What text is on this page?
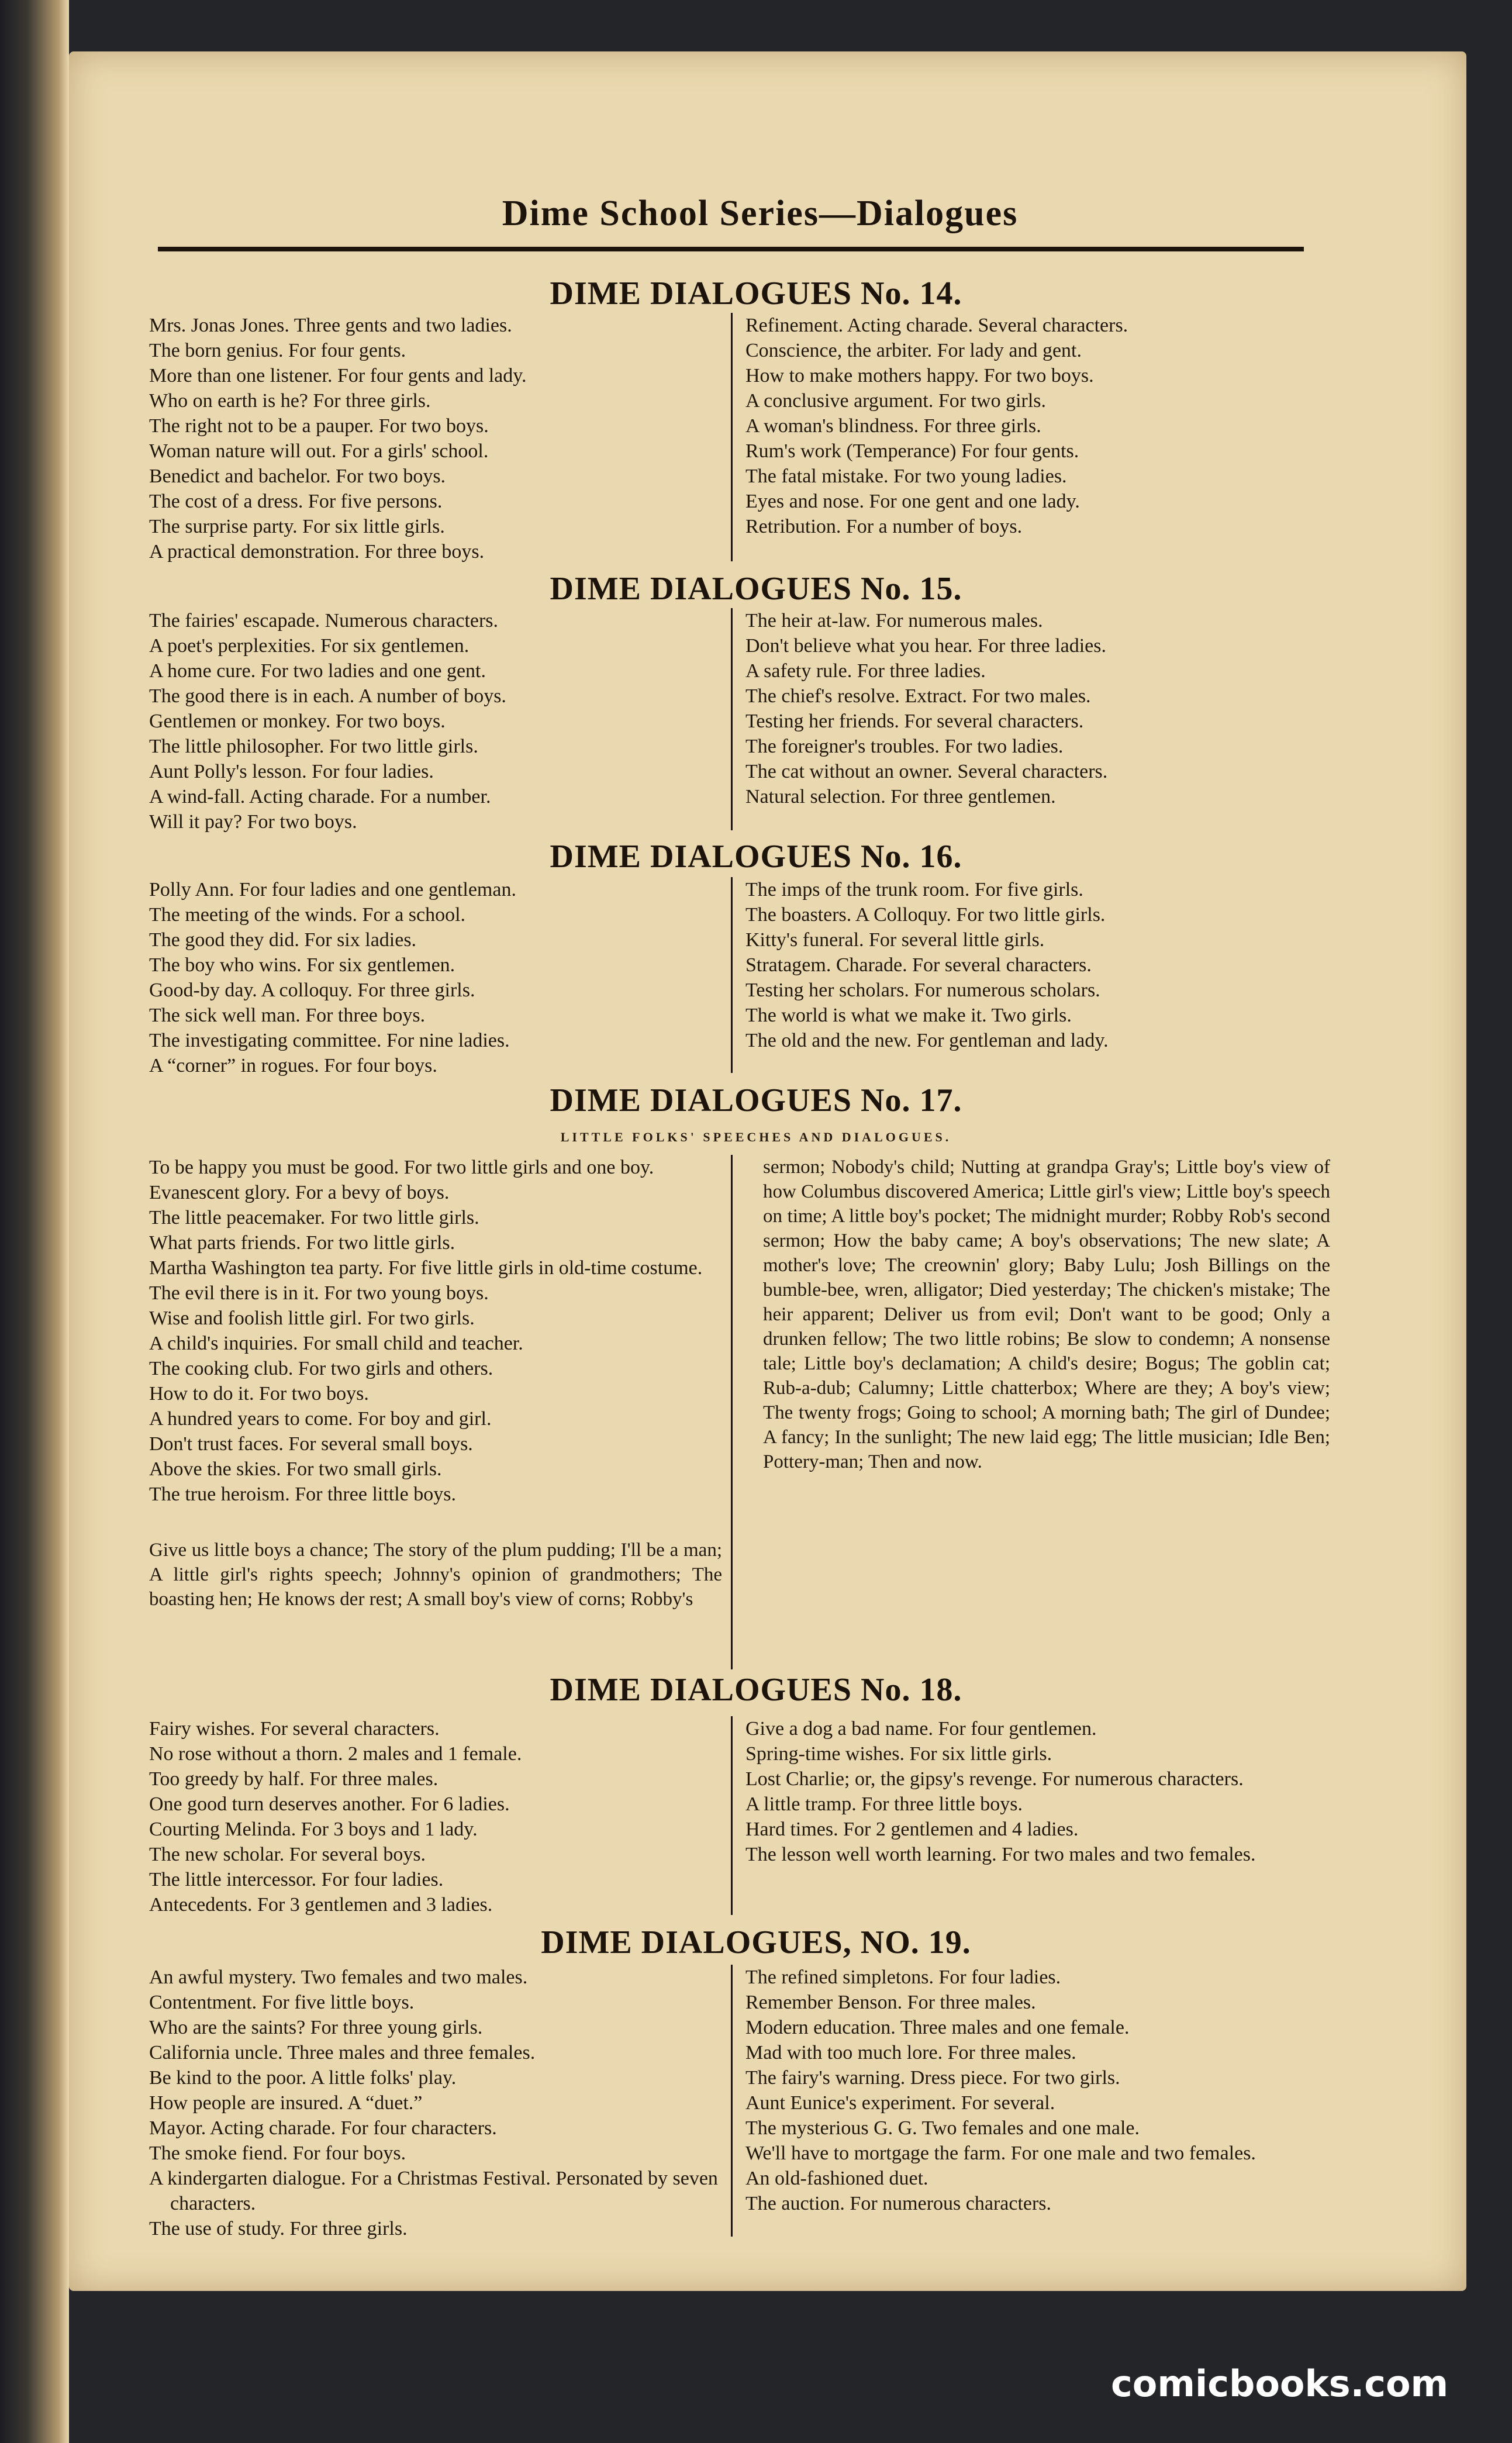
Dime School Series—Dialogues
DIME DIALOGUES No. 14.
Mrs. Jonas Jones. Three gents and two ladies.
The born genius. For four gents.
More than one listener. For four gents and lady.
Who on earth is he? For three girls.
The right not to be a pauper. For two boys.
Woman nature will out. For a girls' school.
Benedict and bachelor. For two boys.
The cost of a dress. For five persons.
The surprise party. For six little girls.
A practical demonstration. For three boys.
Refinement. Acting charade. Several characters.
Conscience, the arbiter. For lady and gent.
How to make mothers happy. For two boys.
A conclusive argument. For two girls.
A woman's blindness. For three girls.
Rum's work (Temperance) For four gents.
The fatal mistake. For two young ladies.
Eyes and nose. For one gent and one lady.
Retribution. For a number of boys.
DIME DIALOGUES No. 15.
The fairies' escapade. Numerous characters.
A poet's perplexities. For six gentlemen.
A home cure. For two ladies and one gent.
The good there is in each. A number of boys.
Gentlemen or monkey. For two boys.
The little philosopher. For two little girls.
Aunt Polly's lesson. For four ladies.
A wind-fall. Acting charade. For a number.
Will it pay? For two boys.
The heir at-law. For numerous males.
Don't believe what you hear. For three ladies.
A safety rule. For three ladies.
The chief's resolve. Extract. For two males.
Testing her friends. For several characters.
The foreigner's troubles. For two ladies.
The cat without an owner. Several characters.
Natural selection. For three gentlemen.
DIME DIALOGUES No. 16.
Polly Ann. For four ladies and one gentleman.
The meeting of the winds. For a school.
The good they did. For six ladies.
The boy who wins. For six gentlemen.
Good-by day. A colloquy. For three girls.
The sick well man. For three boys.
The investigating committee. For nine ladies.
A “corner” in rogues. For four boys.
The imps of the trunk room. For five girls.
The boasters. A Colloquy. For two little girls.
Kitty's funeral. For several little girls.
Stratagem. Charade. For several characters.
Testing her scholars. For numerous scholars.
The world is what we make it. Two girls.
The old and the new. For gentleman and lady.
DIME DIALOGUES No. 17.
LITTLE FOLKS' SPEECHES AND DIALOGUES.
To be happy you must be good. For two little girls and one boy.
Evanescent glory. For a bevy of boys.
The little peacemaker. For two little girls.
What parts friends. For two little girls.
Martha Washington tea party. For five little girls in old-time costume.
The evil there is in it. For two young boys.
Wise and foolish little girl. For two girls.
A child's inquiries. For small child and teacher.
The cooking club. For two girls and others.
How to do it. For two boys.
A hundred years to come. For boy and girl.
Don't trust faces. For several small boys.
Above the skies. For two small girls.
The true heroism. For three little boys.

Give us little boys a chance; The story of the plum pudding; I'll be a man; A little girl's rights speech; Johnny's opinion of grandmothers; The boasting hen; He knows der rest; A small boy's view of corns; Robby's

sermon; Nobody's child; Nutting at grandpa Gray's; Little boy's view of how Columbus discovered America; Little girl's view; Little boy's speech on time; A little boy's pocket; The midnight murder; Robby Rob's second sermon; How the baby came; A boy's observations; The new slate; A mother's love; The creownin' glory; Baby Lulu; Josh Billings on the bumble-bee, wren, alligator; Died yesterday; The chicken's mistake; The heir apparent; Deliver us from evil; Don't want to be good; Only a drunken fellow; The two little robins; Be slow to condemn; A nonsense tale; Little boy's declamation; A child's desire; Bogus; The goblin cat; Rub-a-dub; Calumny; Little chatterbox; Where are they; A boy's view; The twenty frogs; Going to school; A morning bath; The girl of Dundee; A fancy; In the sunlight; The new laid egg; The little musician; Idle Ben; Pottery-man; Then and now.

DIME DIALOGUES No. 18.
Fairy wishes. For several characters.
No rose without a thorn. 2 males and 1 female.
Too greedy by half. For three males.
One good turn deserves another. For 6 ladies.
Courting Melinda. For 3 boys and 1 lady.
The new scholar. For several boys.
The little intercessor. For four ladies.
Antecedents. For 3 gentlemen and 3 ladies.
Give a dog a bad name. For four gentlemen.
Spring-time wishes. For six little girls.
Lost Charlie; or, the gipsy's revenge. For numerous characters.
A little tramp. For three little boys.
Hard times. For 2 gentlemen and 4 ladies.
The lesson well worth learning. For two males and two females.
DIME DIALOGUES, NO. 19.
An awful mystery. Two females and two males.
Contentment. For five little boys.
Who are the saints? For three young girls.
California uncle. Three males and three females.
Be kind to the poor. A little folks' play.
How people are insured. A “duet.”
Mayor. Acting charade. For four characters.
The smoke fiend. For four boys.
A kindergarten dialogue. For a Christmas Festival. Personated by seven characters.
The use of study. For three girls.
The refined simpletons. For four ladies.
Remember Benson. For three males.
Modern education. Three males and one female.
Mad with too much lore. For three males.
The fairy's warning. Dress piece. For two girls.
Aunt Eunice's experiment. For several.
The mysterious G. G. Two females and one male.
We'll have to mortgage the farm. For one male and two females.
An old-fashioned duet.
The auction. For numerous characters.
comicbooks.com
